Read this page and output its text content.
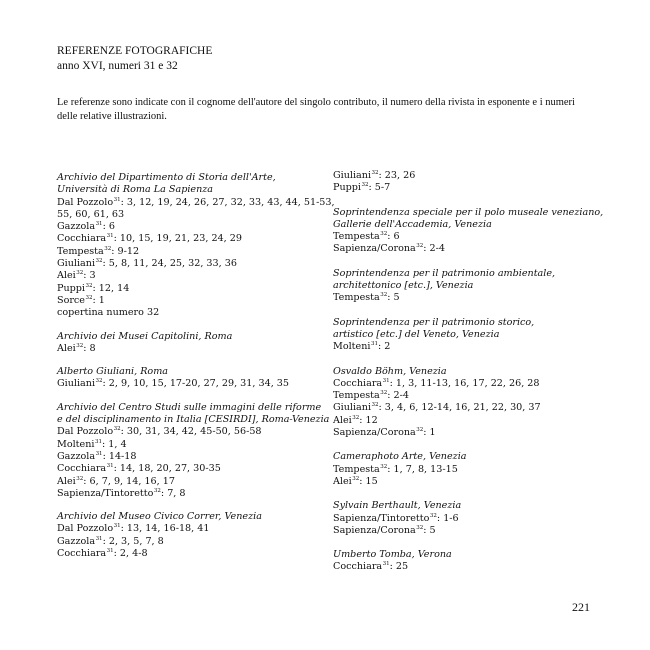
REFERENZE FOTOGRAFICHE
anno XVI, numeri 31 e 32
Le referenze sono indicate con il cognome dell'autore del singolo contributo, il numero della rivista in esponente e i numeri delle relative illustrazioni.
Archivio del Dipartimento di Storia dell'Arte,
Università di Roma La Sapienza
Dal Pozzolo$^{31}$: 3, 12, 19, 24, 26, 27, 32, 33, 43, 44, 51-53,
55, 60, 61, 63
Gazzola$^{31}$: 6
Cocchiara$^{31}$: 10, 15, 19, 21, 23, 24, 29
Tempesta$^{32}$: 9-12
Giuliani$^{32}$: 5, 8, 11, 24, 25, 32, 33, 36
Alei$^{32}$: 3
Puppi$^{32}$: 12, 14
Sorce$^{32}$: 1
copertina numero 32
Archivio dei Musei Capitolini, Roma
Alei$^{32}$: 8
Alberto Giuliani, Roma
Giuliani$^{32}$: 2, 9, 10, 15, 17-20, 27, 29, 31, 34, 35
Archivio del Centro Studi sulle immagini delle riforme
e del disciplinamento in Italia [CESIRDI], Roma-Venezia
Dal Pozzolo$^{32}$: 30, 31, 34, 42, 45-50, 56-58
Molteni$^{31}$: 1, 4
Gazzola$^{31}$: 14-18
Cocchiara$^{31}$: 14, 18, 20, 27, 30-35
Alei$^{32}$: 6, 7, 9, 14, 16, 17
Sapienza/Tintoretto$^{32}$: 7, 8
Archivio del Museo Civico Correr, Venezia
Dal Pozzolo$^{31}$: 13, 14, 16-18, 41
Gazzola$^{31}$: 2, 3, 5, 7, 8
Cocchiara$^{31}$: 2, 4-8
Giuliani$^{32}$: 23, 26
Puppi$^{32}$: 5-7
Soprintendenza speciale per il polo museale veneziano,
Gallerie dell'Accademia, Venezia
Tempesta$^{32}$: 6
Sapienza/Corona$^{32}$: 2-4
Soprintendenza per il patrimonio ambientale,
architettonico [etc.], Venezia
Tempesta$^{32}$: 5
Soprintendenza per il patrimonio storico,
artistico [etc.] del Veneto, Venezia
Molteni$^{31}$: 2
Osvaldo Böhm, Venezia
Cocchiara$^{31}$: 1, 3, 11-13, 16, 17, 22, 26, 28
Tempesta$^{32}$: 2-4
Giuliani$^{32}$: 3, 4, 6, 12-14, 16, 21, 22, 30, 37
Alei$^{32}$: 12
Sapienza/Corona$^{32}$: 1
Cameraphoto Arte, Venezia
Tempesta$^{32}$: 1, 7, 8, 13-15
Alei$^{32}$: 15
Sylvain Berthault, Venezia
Sapienza/Tintoretto$^{32}$: 1-6
Sapienza/Corona$^{32}$: 5
Umberto Tomba, Verona
Cocchiara$^{31}$: 25
221
